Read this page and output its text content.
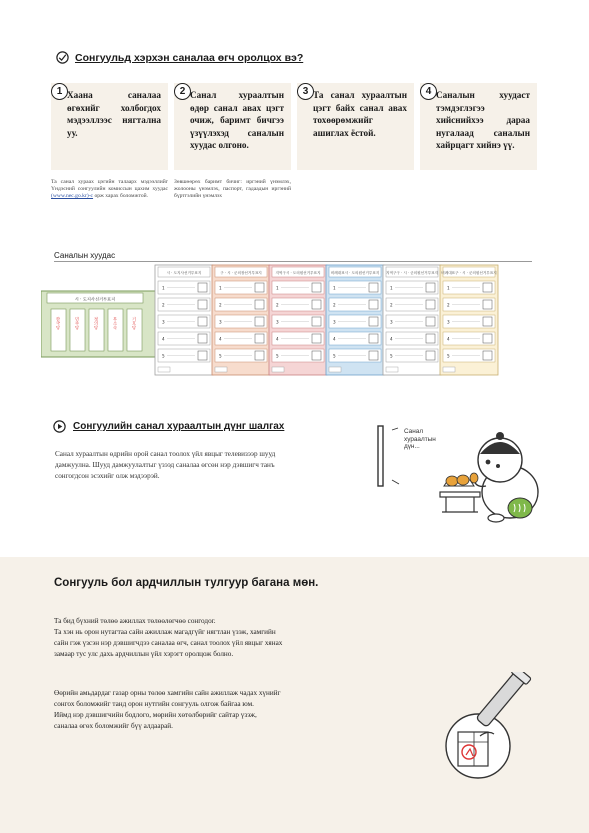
Сонгуульд хэрхэн саналаа өгч оролцох вэ?
1 Хаана саналаа өгөхийг холбогдох мэдээллээс нягтална уу.
2 Санал хураалтын өдөр санал авах цэгт очиж, баримт бичгээ үзүүлэхэд саналын хуудас олгоно.
3 Та санал хураалтын цэгт байх санал авах тохөөрөмжийг ашиглах ёстой.
4 Саналын хуудаст тэмдэглэгээ хийснийхээ дараа нугалаад саналын хайрцагт хийнэ үү.
Та санал хураах цэгийн талаарх мэдээллийг Үндэсний сонгуулийн комиссын цахим хуудас (www.nec.go.kr)-с орж харах боломжтой.
Зөвшөөрөх баримт бичиг: иргэний үнэмлэх, жолооны үнэмлэх, паспорт, гадаадын иргэний бүртгэлийн үнэмлэх
Саналын хуудас
시 · 도지사선거투표지
한국당	민주당	정의당	무소속	기호당
시 · 도지사선거투표지
1
2
3
4
5
구 · 시 · 군의장선거투표지
1
2
3
4
5
지역구시 · 도의원선거투표지
1
2
3
4
5
비례대표시 · 도의원선거투표지
1
2
3
4
5
지역구구 · 시 · 군의원선거투표지
1
2
3
4
5
비례대표구 · 시 · 군의원선거투표지
1
2
3
4
5
Сонгуулийн санал хураалтын дүнг шалгах
Санал хураалтын өдрийн орой санал тоолох үйл явцыг телевизээр шууд
дамжуулна. Шууд дамжуулалтыг үзээд саналаа өгсөн нэр дэвшигч танъ
сонгогдсон эсэхийг олж мэдээрэй.
Санал
хураалтын
дүн...
Сонгууль бол ардчиллын тулгуур багана мөн.
Та бид бүхний төлөө ажиллах төлөөлөгчөө сонгодог.
Та хэн нь орон нутагтаа сайн ажиллаж магадгүйг нягтлан үзэж, хамгийн
сайн гэж үзсэн нэр дэвшигчдээ саналаа өгч, санал тоолох үйл явцыг хянах
замаар тус улс дахь ардчиллын үйл хэрэгт оролцож болно.
Өөрийн амьдардаг газар орны төлөө хамгийн сайн ажиллаж чадах хүнийг
сонгох боломжийг танд орон нутгийн сонгууль олгож байгаа юм.
Иймд нэр дэвшигчийн бодлого, мөрийн хөтөлбөрийг сайтар үзэж,
саналаа өгөх боломжийг бүү алдаарай.
